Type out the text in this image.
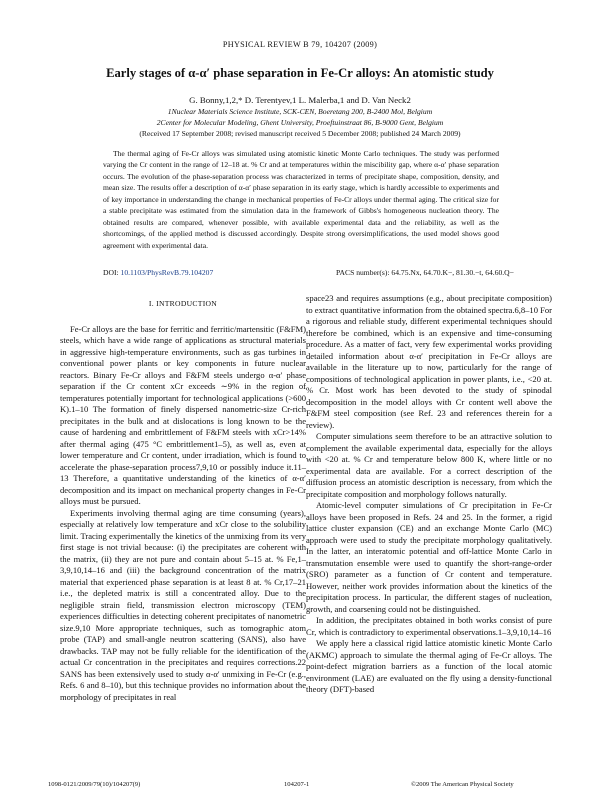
PHYSICAL REVIEW B 79, 104207 (2009)
Early stages of α-α′ phase separation in Fe-Cr alloys: An atomistic study
G. Bonny,1,2,* D. Terentyev,1 L. Malerba,1 and D. Van Neck2
1Nuclear Materials Science Institute, SCK-CEN, Boeretang 200, B-2400 Mol, Belgium
2Center for Molecular Modeling, Ghent University, Proeftuinstraat 86, B-9000 Gent, Belgium
(Received 17 September 2008; revised manuscript received 5 December 2008; published 24 March 2009)

The thermal aging of Fe-Cr alloys was simulated using atomistic kinetic Monte Carlo techniques. The study was performed varying the Cr content in the range of 12–18 at. % Cr and at temperatures within the miscibility gap, where α-α′ phase separation occurs. The evolution of the phase-separation process was characterized in terms of precipitate shape, composition, density, and mean size. The results offer a description of α-α′ phase separation in its early stage, which is hardly accessible to experiments and of key importance in understanding the change in mechanical properties of Fe-Cr alloys under thermal aging. The critical size for a stable precipitate was estimated from the simulation data in the framework of Gibbs's homogeneous nucleation theory. The obtained results are compared, whenever possible, with available experimental data and the reliability, as well as the shortcomings, of the applied method is discussed accordingly. Despite strong oversimplifications, the used model shows good agreement with experimental data.

DOI: 10.1103/PhysRevB.79.104207	PACS number(s): 64.75.Nx, 64.70.K−, 81.30.−t, 64.60.Q−
I. INTRODUCTION

Fe-Cr alloys are the base for ferritic and ferritic/martensitic (F&FM) steels, which have a wide range of applications as structural materials in aggressive high-temperature environments, such as gas turbines in conventional power plants or key components in future nuclear reactors. Binary Fe-Cr alloys and F&FM steels undergo α-α′ phase separation if the Cr content xCr exceeds ∼9% in the region of temperatures potentially important for technological applications (>600 K).1–10 The formation of finely dispersed nanometric-size Cr-rich precipitates in the bulk and at dislocations is long known to be the cause of hardening and embrittlement of F&FM steels with xCr>14% after thermal aging (475 °C embrittlement1–5), as well as, even at lower temperature and Cr content, under irradiation, which is found to accelerate the phase-separation process7,9,10 or possibly induce it.11–13 Therefore, a quantitative understanding of the kinetics of α-α′ decomposition and its impact on mechanical property changes in Fe-Cr alloys must be pursued.

Experiments involving thermal aging are time consuming (years), especially at relatively low temperature and xCr close to the solubility limit. Tracing experimentally the kinetics of the unmixing from its very first stage is not trivial because: (i) the precipitates are coherent with the matrix, (ii) they are not pure and contain about 5–15 at. % Fe,1–3,9,10,14–16 and (iii) the background concentration of the matrix material that experienced phase separation is at least 8 at. % Cr,17–21 i.e., the depleted matrix is still a concentrated alloy. Due to the negligible strain field, transmission electron microscopy (TEM) experiences difficulties in detecting coherent precipitates of nanometric size.9,10 More appropriate techniques, such as tomographic atom probe (TAP) and small-angle neutron scattering (SANS), also have drawbacks. TAP may not be fully reliable for the identification of the actual Cr concentration in the precipitates and requires corrections.22 SANS has been extensively used to study α-α′ unmixing in Fe-Cr (e.g., Refs. 6 and 8–10), but this technique provides no information about the morphology of precipitates in real

space23 and requires assumptions (e.g., about precipitate composition) to extract quantitative information from the obtained spectra.6,8–10 For a rigorous and reliable study, different experimental techniques should therefore be combined, which is an expensive and time-consuming procedure. As a matter of fact, very few experimental works providing detailed information about α-α′ precipitation in Fe-Cr alloys are available in the literature up to now, particularly for the range of compositions of technological application in power plants, i.e., <20 at. % Cr. Most work has been devoted to the study of spinodal decomposition in the model alloys with Cr content well above the F&FM steel composition (see Ref. 23 and references therein for a review).

Computer simulations seem therefore to be an attractive solution to complement the available experimental data, especially for the alloys with <20 at. % Cr and temperature below 800 K, where little or no experimental data are available. For a correct description of the diffusion process an atomistic description is necessary, from which the precipitate composition and morphology follows naturally.

Atomic-level computer simulations of Cr precipitation in Fe-Cr alloys have been proposed in Refs. 24 and 25. In the former, a rigid lattice cluster expansion (CE) and an exchange Monte Carlo (MC) approach were used to study the precipitate morphology qualitatively. In the latter, an interatomic potential and off-lattice Monte Carlo in transmutation ensemble were used to quantify the short-range-order (SRO) parameter as a function of Cr content and temperature. However, neither work provides information about the kinetics of the precipitation process. In particular, the different stages of nucleation, growth, and coarsening could not be distinguished.

In addition, the precipitates obtained in both works consist of pure Cr, which is contradictory to experimental observations.1–3,9,10,14–16

We apply here a classical rigid lattice atomistic kinetic Monte Carlo (AKMC) approach to simulate the thermal aging of Fe-Cr alloys. The point-defect migration barriers as a function of the local atomic environment (LAE) are evaluated on the fly using a density-functional theory (DFT)-based

1098-0121/2009/79(10)/104207(9)	104207-1	©2009 The American Physical Society
